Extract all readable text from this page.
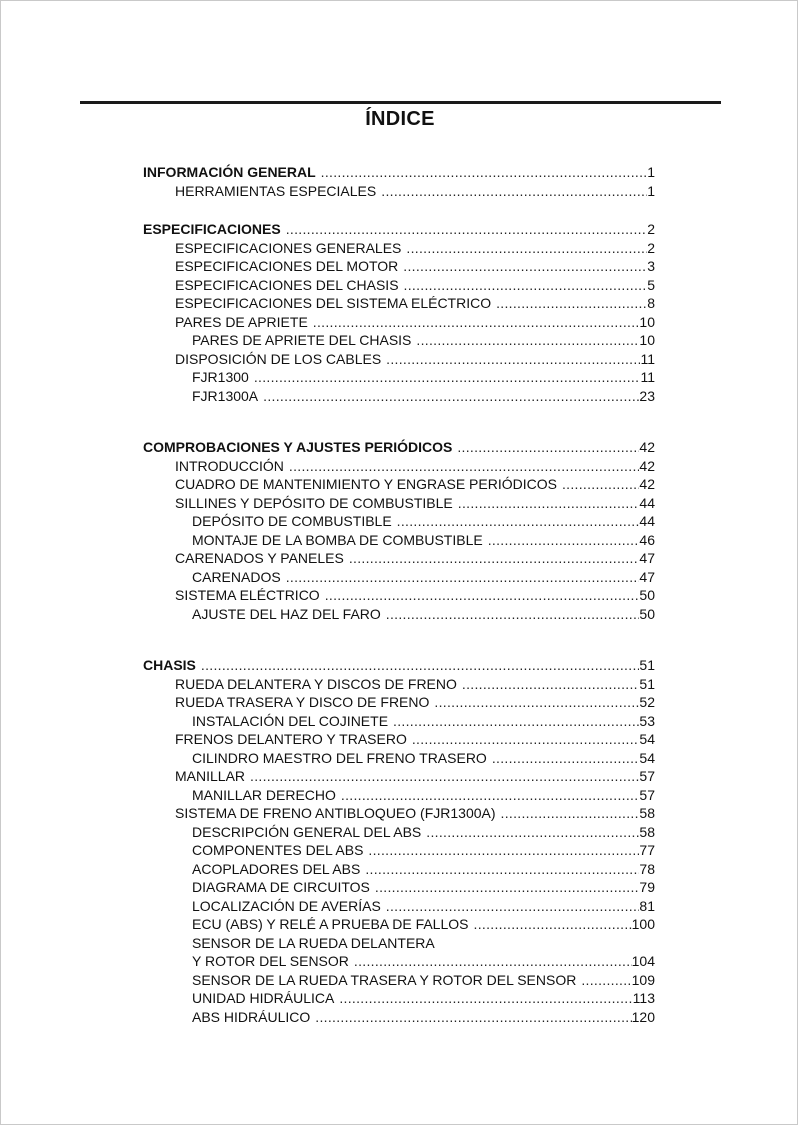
ÍNDICE
INFORMACIÓN GENERAL .....	1
HERRAMIENTAS ESPECIALES .....	1
ESPECIFICACIONES .....	2
ESPECIFICACIONES GENERALES .....	2
ESPECIFICACIONES DEL MOTOR .....	3
ESPECIFICACIONES DEL CHASIS .....	5
ESPECIFICACIONES DEL SISTEMA ELÉCTRICO .....	8
PARES DE APRIETE .....	10
PARES DE APRIETE DEL CHASIS .....	10
DISPOSICIÓN DE LOS CABLES .....	11
FJR1300 .....	11
FJR1300A .....	23
COMPROBACIONES Y AJUSTES PERIÓDICOS .....	42
INTRODUCCIÓN .....	42
CUADRO DE MANTENIMIENTO Y ENGRASE PERIÓDICOS .....	42
SILLINES Y DEPÓSITO DE COMBUSTIBLE .....	44
DEPÓSITO DE COMBUSTIBLE .....	44
MONTAJE DE LA BOMBA DE COMBUSTIBLE .....	46
CARENADOS Y PANELES .....	47
CARENADOS .....	47
SISTEMA ELÉCTRICO .....	50
AJUSTE DEL HAZ DEL FARO .....	50
CHASIS .....	51
RUEDA DELANTERA Y DISCOS DE FRENO .....	51
RUEDA TRASERA Y DISCO DE FRENO .....	52
INSTALACIÓN DEL COJINETE .....	53
FRENOS DELANTERO Y TRASERO .....	54
CILINDRO MAESTRO DEL FRENO TRASERO .....	54
MANILLAR .....	57
MANILLAR DERECHO .....	57
SISTEMA DE FRENO ANTIBLOQUEO (FJR1300A) .....	58
DESCRIPCIÓN GENERAL DEL ABS .....	58
COMPONENTES DEL ABS .....	77
ACOPLADORES DEL ABS .....	78
DIAGRAMA DE CIRCUITOS .....	79
LOCALIZACIÓN DE AVERÍAS .....	81
ECU (ABS) Y RELÉ A PRUEBA DE FALLOS .....	100
SENSOR DE LA RUEDA DELANTERA
Y ROTOR DEL SENSOR .....	104
SENSOR DE LA RUEDA TRASERA Y ROTOR DEL SENSOR .....	109
UNIDAD HIDRÁULICA .....	113
ABS HIDRÁULICO .....	120
